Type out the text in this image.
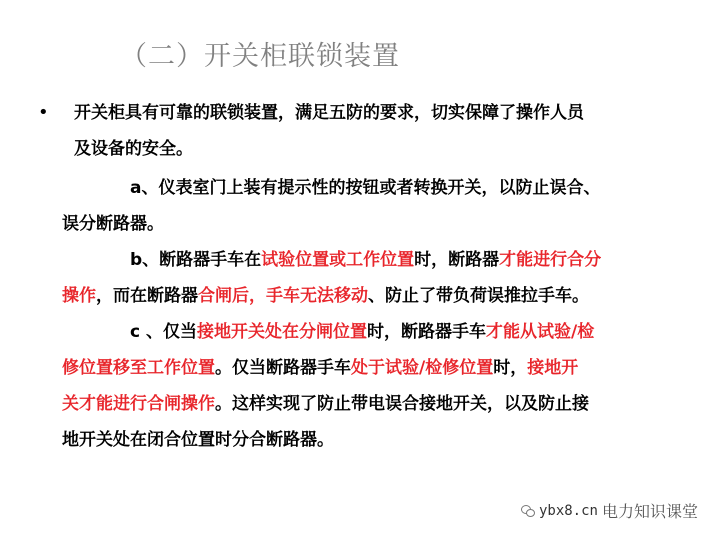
（二）开关柜联锁装置
• 开关柜具有可靠的联锁装置，满足五防的要求，切实保障了操作人员
及设备的安全。
a、仪表室门上装有提示性的按钮或者转换开关，以防止误合、
误分断路器。
b、断路器手车在试验位置或工作位置时，断路器才能进行合分
操作，而在断路器合闸后，手车无法移动、防止了带负荷误推拉手车。
c 、仅当接地开关处在分闸位置时，断路器手车才能从试验/检
修位置移至工作位置。仅当断路器手车处于试验/检修位置时，接地开
关才能进行合闸操作。这样实现了防止带电误合接地开关，以及防止接
地开关处在闭合位置时分合断路器。
ybx8.cn 电力知识课堂
